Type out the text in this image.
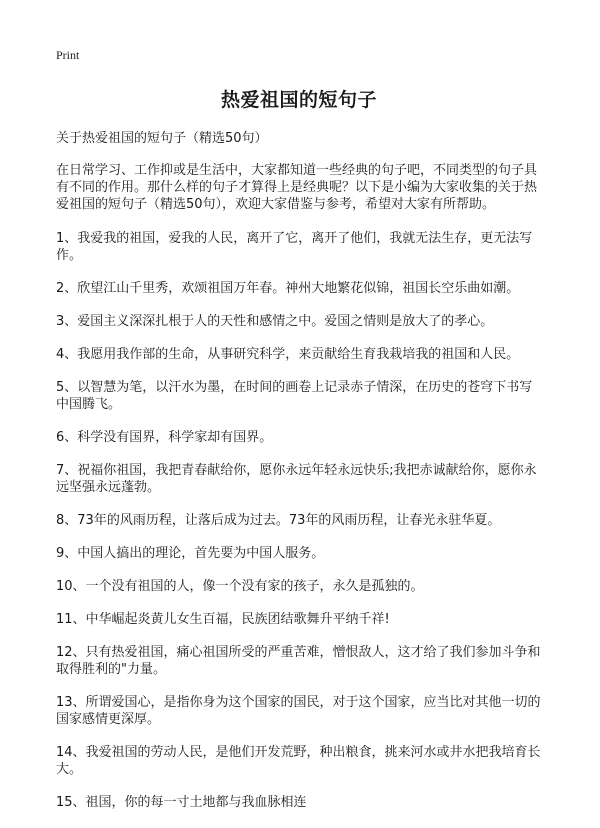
Print
热爱祖国的短句子

关于热爱祖国的短句子（精选50句）

在日常学习、工作抑或是生活中，大家都知道一些经典的句子吧，不同类型的句子具有不同的作用。那什么样的句子才算得上是经典呢？以下是小编为大家收集的关于热爱祖国的短句子（精选50句），欢迎大家借鉴与参考，希望对大家有所帮助。

1、我爱我的祖国，爱我的人民，离开了它，离开了他们，我就无法生存，更无法写作。

2、欣望江山千里秀，欢颂祖国万年春。神州大地繁花似锦，祖国长空乐曲如潮。

3、爱国主义深深扎根于人的天性和感情之中。爱国之情则是放大了的孝心。

4、我愿用我作部的生命，从事研究科学，来贡献给生育我栽培我的祖国和人民。

5、以智慧为笔，以汗水为墨，在时间的画卷上记录赤子情深，在历史的苍穹下书写中国腾飞。

6、科学没有国界，科学家却有国界。

7、祝福你祖国，我把青春献给你，愿你永远年轻永远快乐;我把赤诚献给你，愿你永远坚强永远蓬勃。

8、73年的风雨历程，让落后成为过去。73年的风雨历程，让春光永驻华夏。

9、中国人搞出的理论，首先要为中国人服务。

10、一个没有祖国的人，像一个没有家的孩子，永久是孤独的。

11、中华崛起炎黄儿女生百福，民族团结歌舞升平纳千祥!

12、只有热爱祖国，痛心祖国所受的严重苦难，憎恨敌人，这才给了我们参加斗争和取得胜利的"力量。

13、所谓爱国心，是指你身为这个国家的国民，对于这个国家，应当比对其他一切的国家感情更深厚。

14、我爱祖国的劳动人民，是他们开发荒野，种出粮食，挑来河水或井水把我培育长大。

15、祖国，你的每一寸土地都与我血脉相连
